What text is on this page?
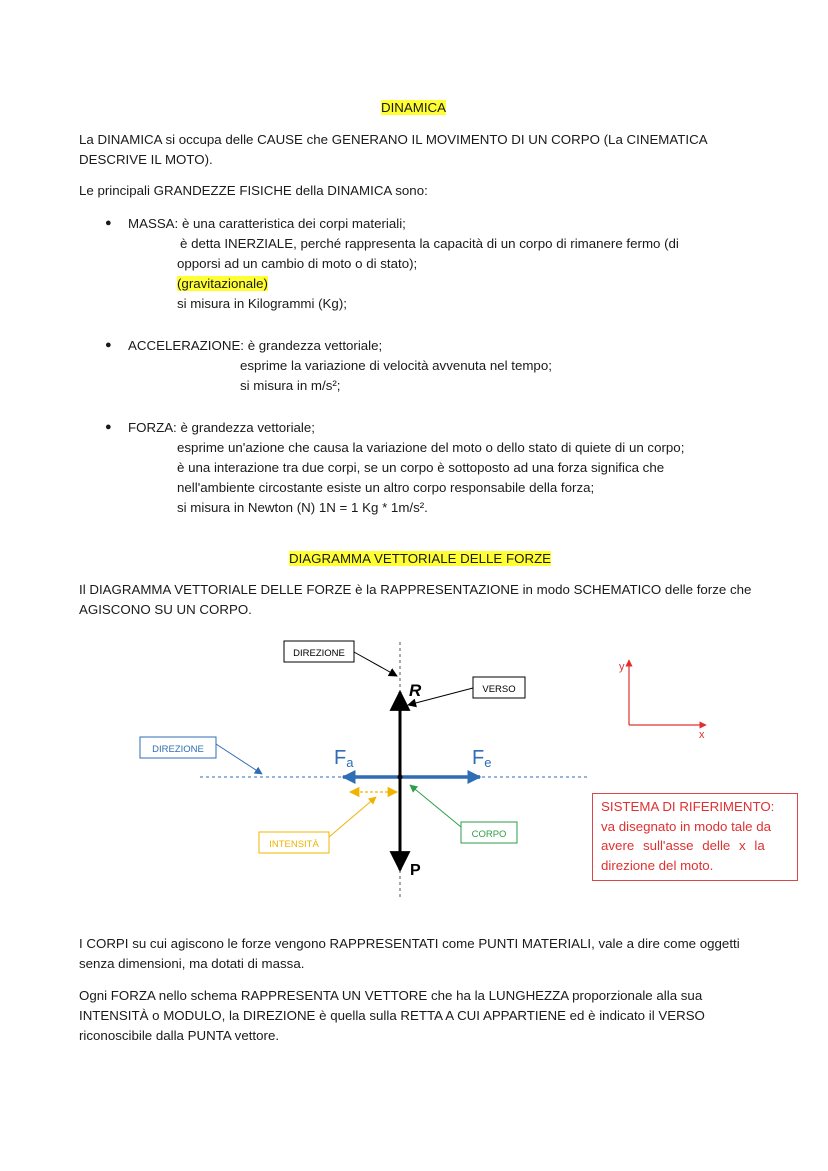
DINAMICA
La DINAMICA si occupa delle CAUSE che GENERANO IL MOVIMENTO DI UN CORPO (La CINEMATICA
DESCRIVE IL MOTO).
Le principali GRANDEZZE FISICHE della DINAMICA sono:
● MASSA: è una caratteristica dei corpi materiali;
è detta INERZIALE, perché rappresenta la capacità di un corpo di rimanere fermo (di
opporsi ad un cambio di moto o di stato);
(gravitazionale)
si misura in Kilogrammi (Kg);
● ACCELERAZIONE: è grandezza vettoriale;
esprime la variazione di velocità avvenuta nel tempo;
si misura in m/s²;
● FORZA: è grandezza vettoriale;
esprime un'azione che causa la variazione del moto o dello stato di quiete di un corpo;
è una interazione tra due corpi, se un corpo è sottoposto ad una forza significa che
nell'ambiente circostante esiste un altro corpo responsabile della forza;
si misura in Newton (N) 1N = 1 Kg * 1m/s².
DIAGRAMMA VETTORIALE DELLE FORZE
Il DIAGRAMMA VETTORIALE DELLE FORZE è la RAPPRESENTAZIONE in modo SCHEMATICO delle forze che
AGISCONO SU UN CORPO.
DIREZIONE
VERSO
DIREZIONE
INTENSITÀ
CORPO
R
P
Fa	Fe
y
x
SISTEMA DI RIFERIMENTO:
va disegnato in modo tale da
avere sull'asse delle x la
direzione del moto.
I CORPI su cui agiscono le forze vengono RAPPRESENTATI come PUNTI MATERIALI, vale a dire come oggetti
senza dimensioni, ma dotati di massa.
Ogni FORZA nello schema RAPPRESENTA UN VETTORE che ha la LUNGHEZZA proporzionale alla sua
INTENSITÀ o MODULO, la DIREZIONE è quella sulla RETTA A CUI APPARTIENE ed è indicato il VERSO
riconoscibile dalla PUNTA vettore.
